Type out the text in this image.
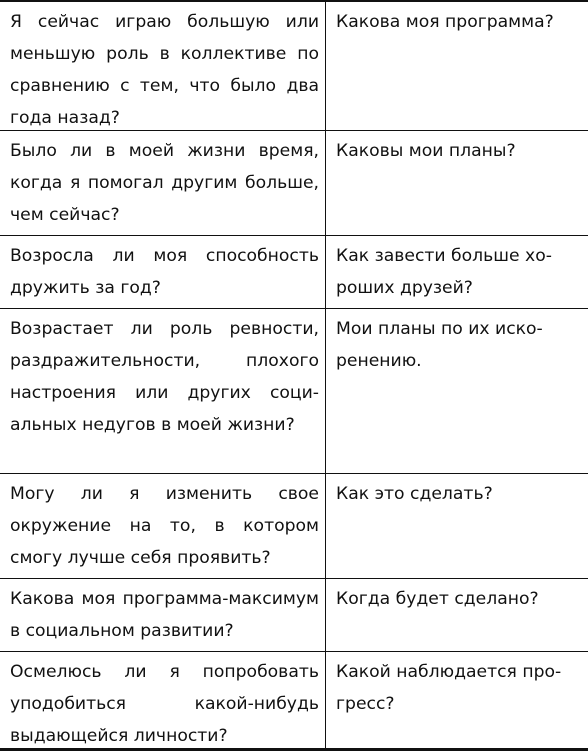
Я сейчас играю большую или меньшую роль в коллективе по сравнению с тем, что было два года назад?
Какова моя программа?
Было ли в моей жизни время, когда я помогал другим больше, чем сейчас?
Каковы мои планы?
Возросла ли моя способность дружить за год?
Как завести больше хороших друзей?
Возрастает ли роль ревности, раздражительности, плохого настроения или других социальных недугов в моей жизни?
Мои планы по их искоренению.
Могу ли я изменить свое окружение на то, в котором смогу лучше себя проявить?
Как это сделать?
Какова моя программа-максимум в социальном развитии?
Когда будет сделано?
Осмелюсь ли я попробовать уподобиться какой-нибудь выдающейся личности?
Какой наблюдается прогресс?
